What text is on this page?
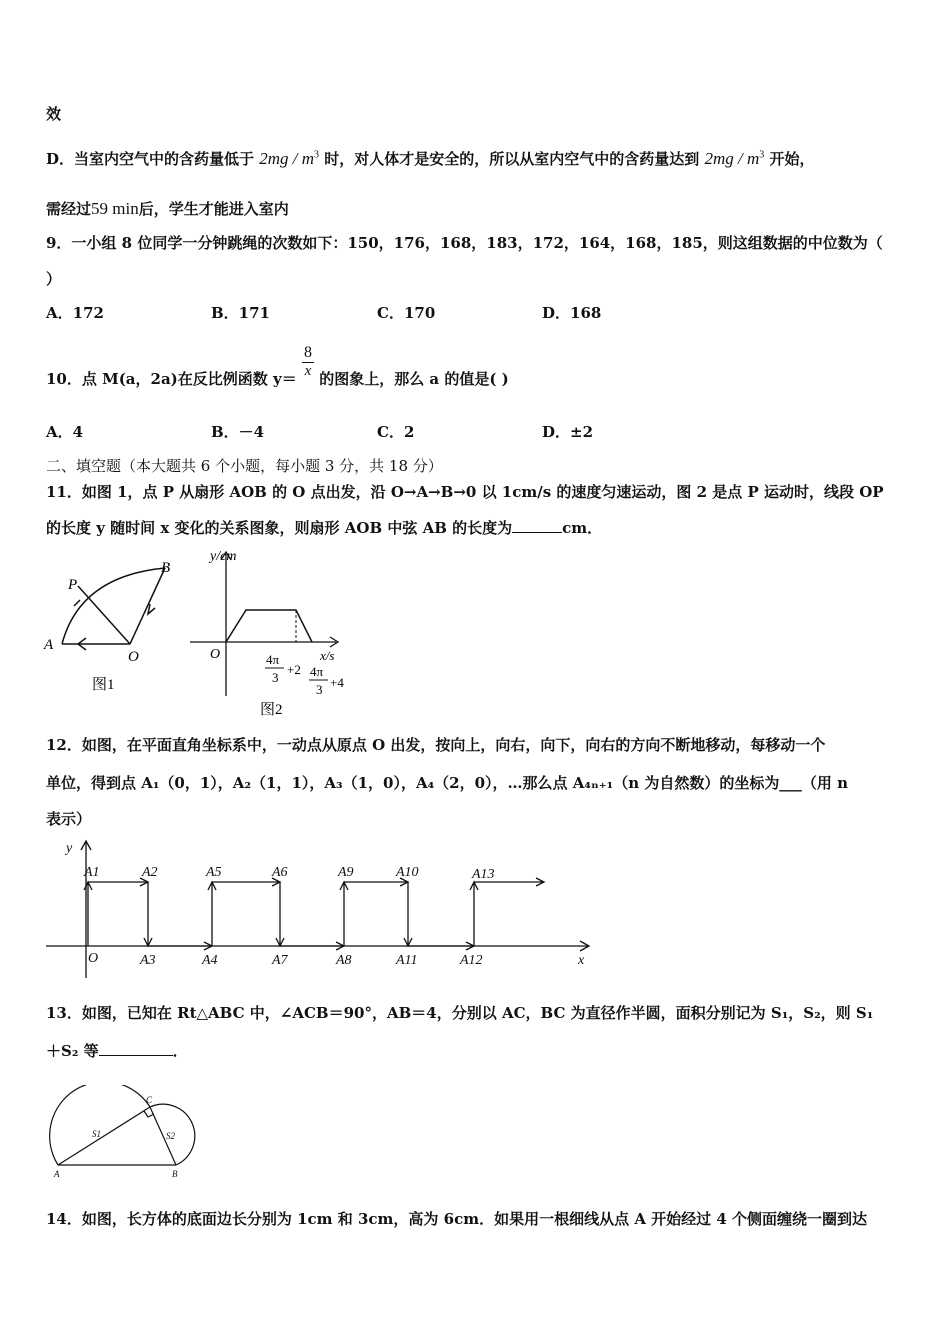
效
D．当室内空气中的含药量低于 $2mg / m^3$ 时，对人体才是安全的，所以从室内空气中的含药量达到 $2mg / m^3$ 开始，
需经过59 min后，学生才能进入室内
9．一小组 8 位同学一分钟跳绳的次数如下：150，176，168，183，172，164，168，185，则这组数据的中位数为（
）
A．172	B．171	C．170	D．168
10．点 M(a，2a)在反比例函数 $y= \frac{8}{x}$ 的图象上，那么 a 的值是( )
A．4	B．－4	C．2	D．±2
二、填空题（本大题共 6 个小题，每小题 3 分，共 18 分）
11．如图 1，点 P 从扇形 AOB 的 O 点出发，沿 O→A→B→0 以 1cm/s 的速度匀速运动，图 2 是点 P 运动时，线段 OP
的长度 y 随时间 x 变化的关系图象，则扇形 AOB 中弦 AB 的长度为	cm．
A
O
P
B
图1
y/cm
O	x/s
4π
3
+2 4π
3 +4
图2
12．如图，在平面直角坐标系中，一动点从原点 O 出发，按向上，向右，向下，向右的方向不断地移动，每移动一个
单位，得到点 A₁（0，1），A₂（1，1），A₃（1，0），A₄（2，0），…那么点 A₄ₙ₊₁（n 为自然数）的坐标为___（用 n
表示）
y
x
O
A1	A2	A5	A6	A9	A10	A13
A3	A4	A7	A8	A11	A12
13．如图，已知在 Rt△ABC 中，∠ACB＝90°，AB＝4，分别以 AC，BC 为直径作半圆，面积分别记为 S₁，S₂，则 S₁
＋S₂ 等	．
A	B
C
S1	S2
14．如图，长方体的底面边长分别为 1cm 和 3cm，高为 6cm．如果用一根细线从点 A 开始经过 4 个侧面缠绕一圈到达
